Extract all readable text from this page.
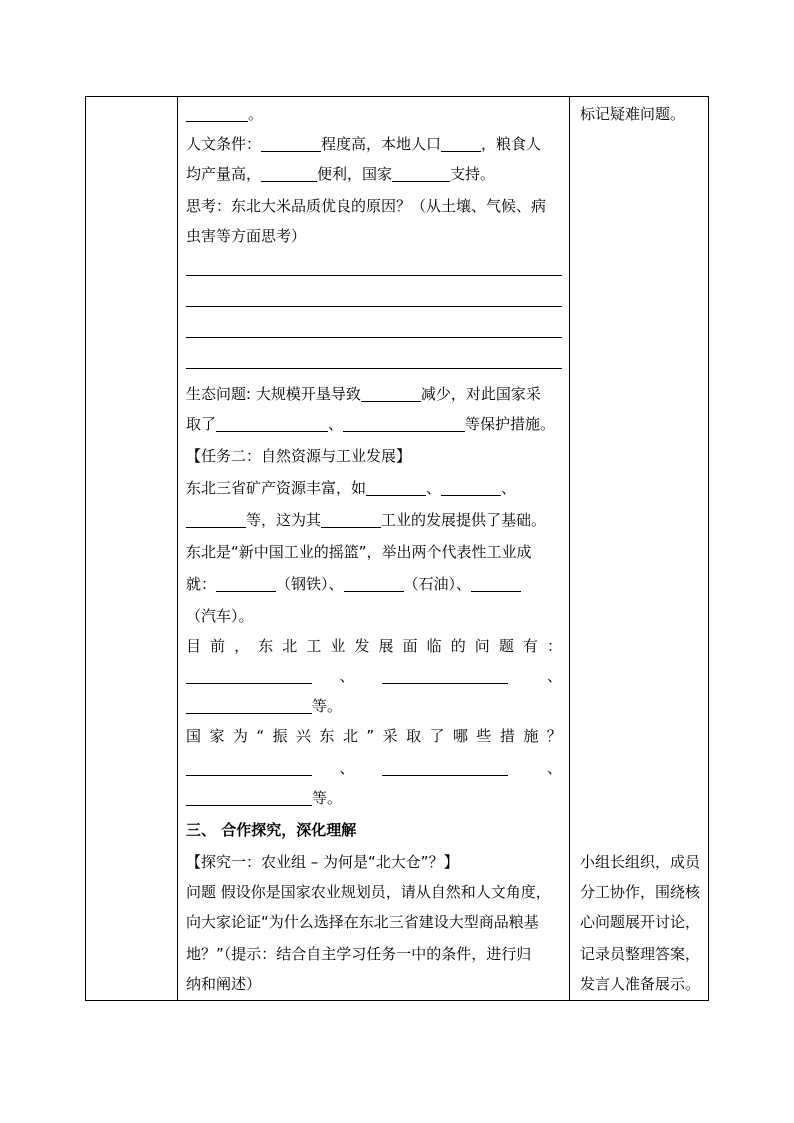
。
人文条件：	程度高，本地人口	，粮食人
均产量高，	便利，国家	支持。
思考：东北大米品质优良的原因？（从土壤、气候、病
虫害等方面思考）
生态问题: 大规模开垦导致	减少，对此国家采
取了	、	等保护措施。
【任务二：自然资源与工业发展】
东北三省矿产资源丰富，如	、	、
等，这为其	工业的发展提供了基础。
东北是“新中国工业的摇篮”，举出两个代表性工业成
就：	（钢铁）、	（石油）、
（汽车）。
目 前 ， 东 北 工 业 发 展 面 临 的 问 题 有 ：
、	、
等。
国 家 为 “ 振 兴 东 北 ” 采 取 了 哪 些 措 施 ？
、	、
等。
三、 合作探究，深化理解
【探究一：农业组 – 为何是“北大仓”？】
问题 假设你是国家农业规划员，请从自然和人文角度，
向大家论证“为什么选择在东北三省建设大型商品粮基
地？”（提示：结合自主学习任务一中的条件，进行归
纳和阐述）
标记疑难问题。
小组长组织，成员
分工协作，围绕核
心问题展开讨论，
记录员整理答案，
发言人准备展示。
